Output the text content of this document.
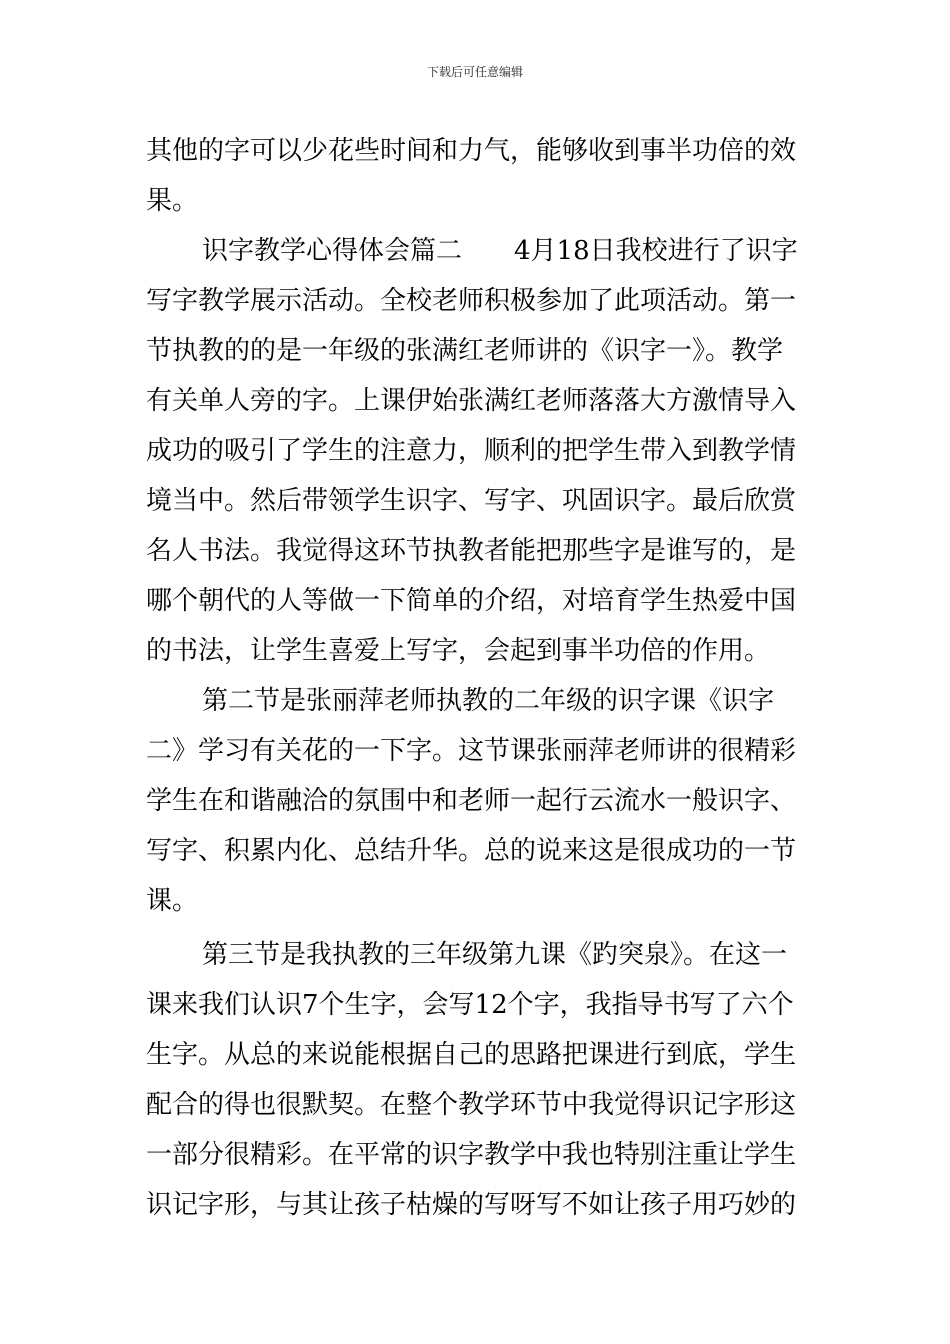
下载后可任意编辑
其他的字可以少花些时间和力气，能够收到事半功倍的效
果。
识字教学心得体会篇二　　4月18日我校进行了识字
写字教学展示活动。全校老师积极参加了此项活动。第一
节执教的的是一年级的张满红老师讲的《识字一》。教学
有关单人旁的字。上课伊始张满红老师落落大方激情导入
成功的吸引了学生的注意力，顺利的把学生带入到教学情
境当中。然后带领学生识字、写字、巩固识字。最后欣赏
名人书法。我觉得这环节执教者能把那些字是谁写的，是
哪个朝代的人等做一下简单的介绍，对培育学生热爱中国
的书法，让学生喜爱上写字，会起到事半功倍的作用。
第二节是张丽萍老师执教的二年级的识字课《识字
二》学习有关花的一下字。这节课张丽萍老师讲的很精彩
学生在和谐融洽的氛围中和老师一起行云流水一般识字、
写字、积累内化、总结升华。总的说来这是很成功的一节
课。
第三节是我执教的三年级第九课《趵突泉》。在这一
课来我们认识7个生字，会写12个字，我指导书写了六个
生字。从总的来说能根据自己的思路把课进行到底，学生
配合的得也很默契。在整个教学环节中我觉得识记字形这
一部分很精彩。在平常的识字教学中我也特别注重让学生
识记字形，与其让孩子枯燥的写呀写不如让孩子用巧妙的
